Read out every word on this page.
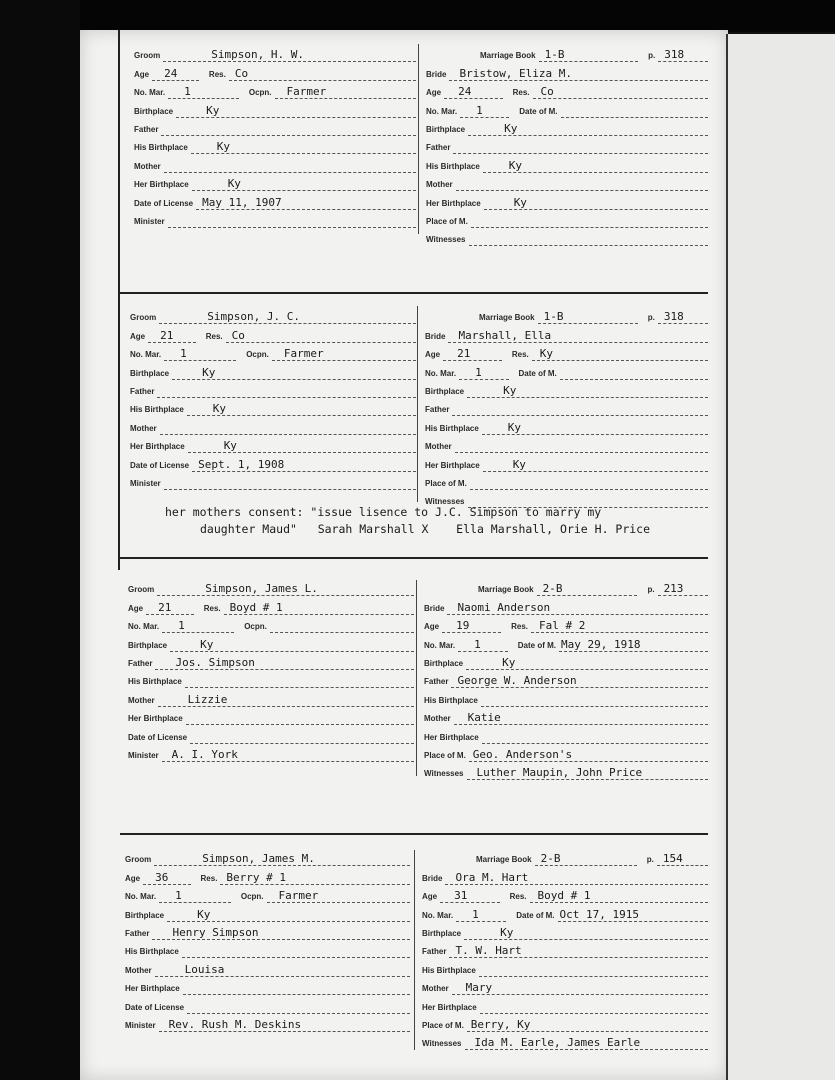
Groom	Simpson, H. W.
Age 24	Res. Co
No. Mar. 1	Ocpn. Farmer
Birthplace	Ky
Father
His Birthplace	Ky
Mother
Her Birthplace	Ky
Date of License May 11, 1907
Minister
Marriage Book 1-B	p. 318
Bride Bristow, Eliza M.
Age 24	Res. Co
No. Mar. 1	Date of M.
Birthplace	Ky
Father
His Birthplace	Ky
Mother
Her Birthplace	Ky
Place of M.
Witnesses
Groom	Simpson, J. C.
Age 21	Res. Co
No. Mar. 1	Ocpn. Farmer
Birthplace	Ky
Father
His Birthplace	Ky
Mother
Her Birthplace	Ky
Date of License Sept. 1, 1908
Minister
Marriage Book 1-B	p. 318
Bride Marshall, Ella
Age 21	Res. Ky
No. Mar. 1	Date of M.
Birthplace	Ky
Father
His Birthplace	Ky
Mother
Her Birthplace	Ky
Place of M.
Witnesses
her mothers consent: "issue lisence to J.C. Simpson to marry my
daughter Maud"   Sarah Marshall X    Ella Marshall, Orie H. Price
Groom	Simpson, James L.
Age 21	Res. Boyd # 1
No. Mar. 1	Ocpn.
Birthplace	Ky
Father Jos. Simpson
His Birthplace
Mother	Lizzie
Her Birthplace
Date of License
Minister A. I. York
Marriage Book 2-B	p. 213
Bride Naomi Anderson
Age 19	Res. Fal # 2
No. Mar. 1	Date of M. May 29, 1918
Birthplace	Ky
Father George W. Anderson
His Birthplace
Mother Katie
Her Birthplace
Place of M. Geo. Anderson's
Witnesses Luther Maupin, John Price
Groom	Simpson, James M.
Age 36	Res. Berry # 1
No. Mar. 1	Ocpn. Farmer
Birthplace	Ky
Father Henry Simpson
His Birthplace
Mother	Louisa
Her Birthplace
Date of License
Minister Rev. Rush M. Deskins
Marriage Book 2-B	p. 154
Bride Ora M. Hart
Age 31	Res. Boyd # 1
No. Mar. 1	Date of M. Oct 17, 1915
Birthplace	Ky
Father T. W. Hart
His Birthplace
Mother Mary
Her Birthplace
Place of M. Berry, Ky
Witnesses Ida M. Earle, James Earle
